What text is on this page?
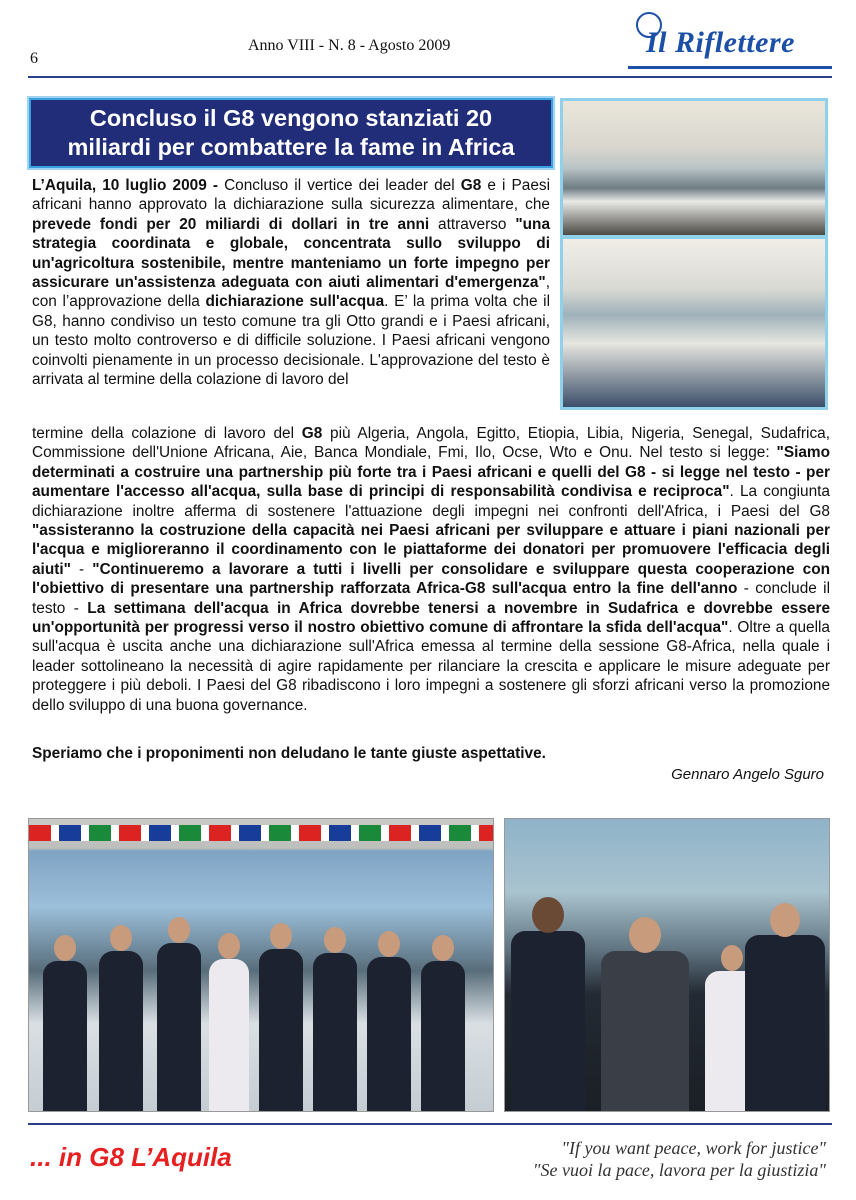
6
Anno VIII - N. 8 - Agosto 2009	Il Riflettere
Concluso il G8 vengono stanziati 20
miliardi per combattere la fame in Africa

L’Aquila, 10 luglio 2009 - Concluso il vertice dei leader del G8 e i Paesi africani hanno approvato la dichiarazione sulla sicurezza alimentare, che prevede fondi per 20 miliardi di dollari in tre anni attraverso "una strategia coordinata e globale, concentrata sullo sviluppo di un'agricoltura sostenibile, mentre manteniamo un forte impegno per assicurare un'assistenza adeguata con aiuti alimentari d'emergenza", con l’approvazione della dichiarazione sull'acqua. E’ la prima volta che il G8, hanno condiviso un testo comune tra gli Otto grandi e i Paesi africani, un testo molto controverso e di difficile soluzione. I Paesi africani vengono coinvolti pienamente in un processo decisionale. L'approvazione del testo è arrivata al termine della colazione di lavoro del

termine della colazione di lavoro del G8 più Algeria, Angola, Egitto, Etiopia, Libia, Nigeria, Senegal, Sudafrica, Commissione dell'Unione Africana, Aie, Banca Mondiale, Fmi, Ilo, Ocse, Wto e Onu. Nel testo si legge: "Siamo determinati a costruire una partnership più forte tra i Paesi africani e quelli del G8 - si legge nel testo - per aumentare l'accesso all'acqua, sulla base di principi di responsabilità condivisa e reciproca". La congiunta dichiarazione inoltre afferma di sostenere l'attuazione degli impegni nei confronti dell'Africa, i Paesi del G8 "assisteranno la costruzione della capacità nei Paesi africani per sviluppare e attuare i piani nazionali per l'acqua e miglioreranno il coordinamento con le piattaforme dei donatori per promuovere l'efficacia degli aiuti" - "Continueremo a lavorare a tutti i livelli per consolidare e sviluppare questa cooperazione con l'obiettivo di presentare una partnership rafforzata Africa-G8 sull'acqua entro la fine dell'anno - conclude il testo - La settimana dell'acqua in Africa dovrebbe tenersi a novembre in Sudafrica e dovrebbe essere un'opportunità per progressi verso il nostro obiettivo comune di affrontare la sfida dell'acqua". Oltre a quella sull'acqua è uscita anche una dichiarazione sull'Africa emessa al termine della sessione G8-Africa, nella quale i leader sottolineano la necessità di agire rapidamente per rilanciare la crescita e applicare le misure adeguate per proteggere i più deboli. I Paesi del G8 ribadiscono i loro impegni a sostenere gli sforzi africani verso la promozione dello sviluppo di una buona governance.

Speriamo che i proponimenti non deludano le tante giuste aspettative.
Gennaro Angelo Sguro
... in G8 L’Aquila	"If you want peace, work for justice"
"Se vuoi la pace, lavora per la giustizia"
